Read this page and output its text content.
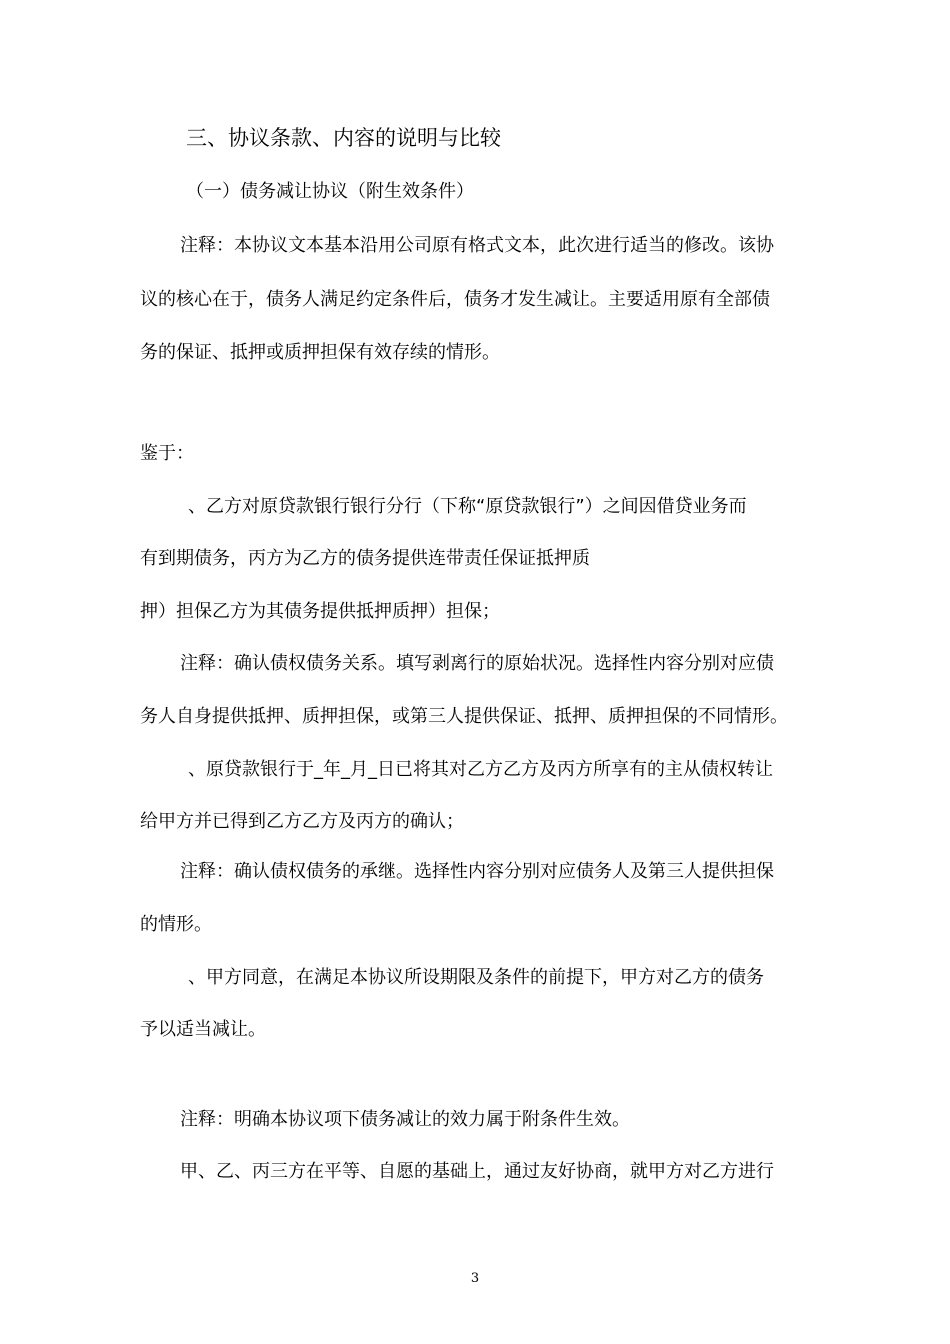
三、协议条款、内容的说明与比较
（一）债务减让协议（附生效条件）
注释：本协议文本基本沿用公司原有格式文本，此次进行适当的修改。该协
议的核心在于，债务人满足约定条件后，债务才发生减让。主要适用原有全部债
务的保证、抵押或质押担保有效存续的情形。
鉴于：
、乙方对原贷款银行银行分行（下称“原贷款银行”）之间因借贷业务而
有到期债务，丙方为乙方的债务提供连带责任保证抵押质
押）担保乙方为其债务提供抵押质押）担保；
注释：确认债权债务关系。填写剥离行的原始状况。选择性内容分别对应债
务人自身提供抵押、质押担保，或第三人提供保证、抵押、质押担保的不同情形。
、原贷款银行于_年_月_日已将其对乙方乙方及丙方所享有的主从债权转让
给甲方并已得到乙方乙方及丙方的确认；
注释：确认债权债务的承继。选择性内容分别对应债务人及第三人提供担保
的情形。
、甲方同意，在满足本协议所设期限及条件的前提下，甲方对乙方的债务
予以适当减让。
注释：明确本协议项下债务减让的效力属于附条件生效。
甲、乙、丙三方在平等、自愿的基础上，通过友好协商，就甲方对乙方进行
3
